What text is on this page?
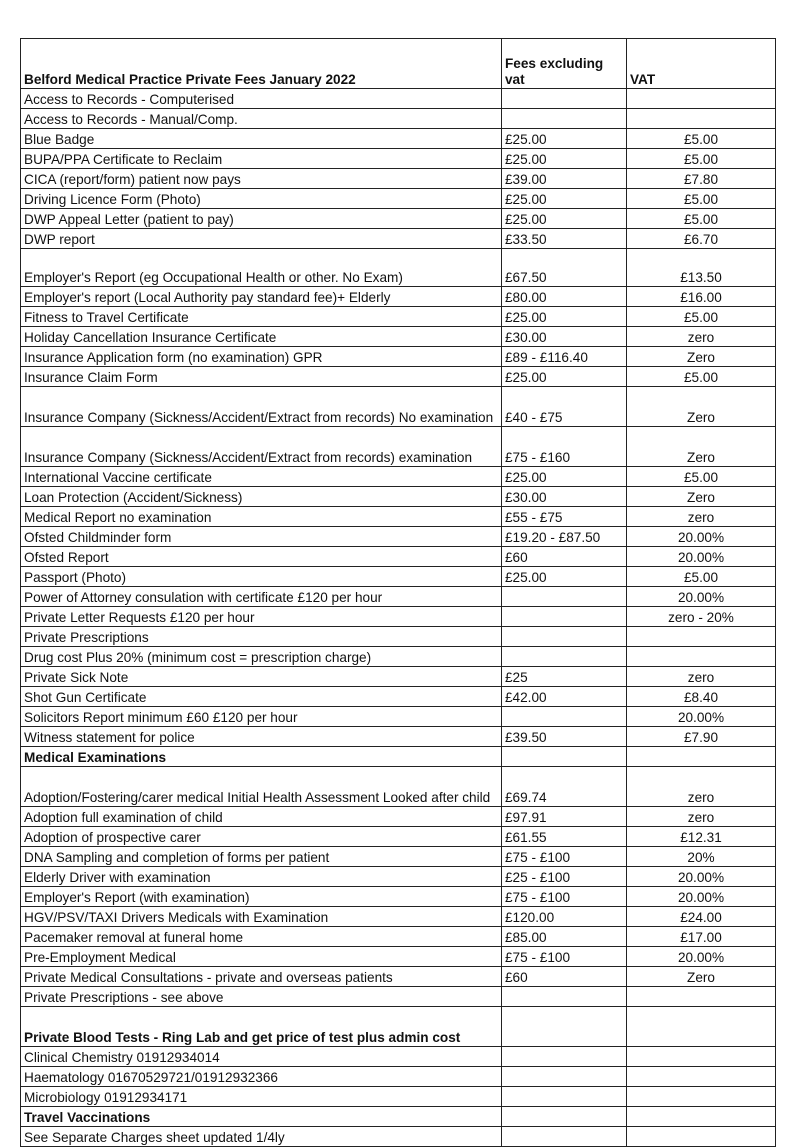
Belford Medical Practice Private Fees January 2022	Fees excluding vat	VAT
Access to Records - Computerised		
Access to Records - Manual/Comp.		
Blue Badge	£25.00	£5.00
BUPA/PPA Certificate to Reclaim	£25.00	£5.00
CICA (report/form) patient now pays	£39.00	£7.80
Driving Licence Form (Photo)	£25.00	£5.00
DWP Appeal Letter (patient to pay)	£25.00	£5.00
DWP report	£33.50	£6.70
Employer's Report (eg Occupational Health or other. No Exam)	£67.50	£13.50
Employer's report (Local Authority pay standard fee)+ Elderly	£80.00	£16.00
Fitness to Travel Certificate	£25.00	£5.00
Holiday Cancellation Insurance Certificate	£30.00	zero
Insurance Application form (no examination) GPR	£89 - £116.40	Zero
Insurance Claim Form	£25.00	£5.00
Insurance Company (Sickness/Accident/Extract from records) No examination	£40 - £75	Zero
Insurance Company (Sickness/Accident/Extract from records) examination	£75 - £160	Zero
International Vaccine certificate	£25.00	£5.00
Loan Protection (Accident/Sickness)	£30.00	Zero
Medical Report no examination	£55 - £75	zero
Ofsted Childminder form	£19.20 - £87.50	20.00%
Ofsted Report	£60	20.00%
Passport (Photo)	£25.00	£5.00
Power of Attorney consulation with certificate £120 per hour		20.00%
Private Letter Requests £120 per hour		zero - 20%
Private Prescriptions		
Drug cost Plus 20% (minimum cost = prescription charge)		
Private Sick Note	£25	zero
Shot Gun Certificate	£42.00	£8.40
Solicitors Report minimum £60 £120 per hour		20.00%
Witness statement for police	£39.50	£7.90
Medical Examinations		
Adoption/Fostering/carer medical Initial Health Assessment Looked after child	£69.74	zero
Adoption full examination of child	£97.91	zero
Adoption of prospective carer	£61.55	£12.31
DNA Sampling and completion of forms per patient	£75 - £100	20%
Elderly Driver with examination	£25 - £100	20.00%
Employer's Report (with examination)	£75 - £100	20.00%
HGV/PSV/TAXI Drivers Medicals with Examination	£120.00	£24.00
Pacemaker removal at funeral home	£85.00	£17.00
Pre-Employment Medical	£75 - £100	20.00%
Private Medical Consultations - private and overseas patients	£60	Zero
Private Prescriptions - see above		
Private Blood Tests - Ring Lab and get price of test plus admin cost		
Clinical Chemistry 01912934014		
Haematology 01670529721/01912932366		
Microbiology 01912934171		
Travel Vaccinations		
See Separate Charges sheet updated 1/4ly		
